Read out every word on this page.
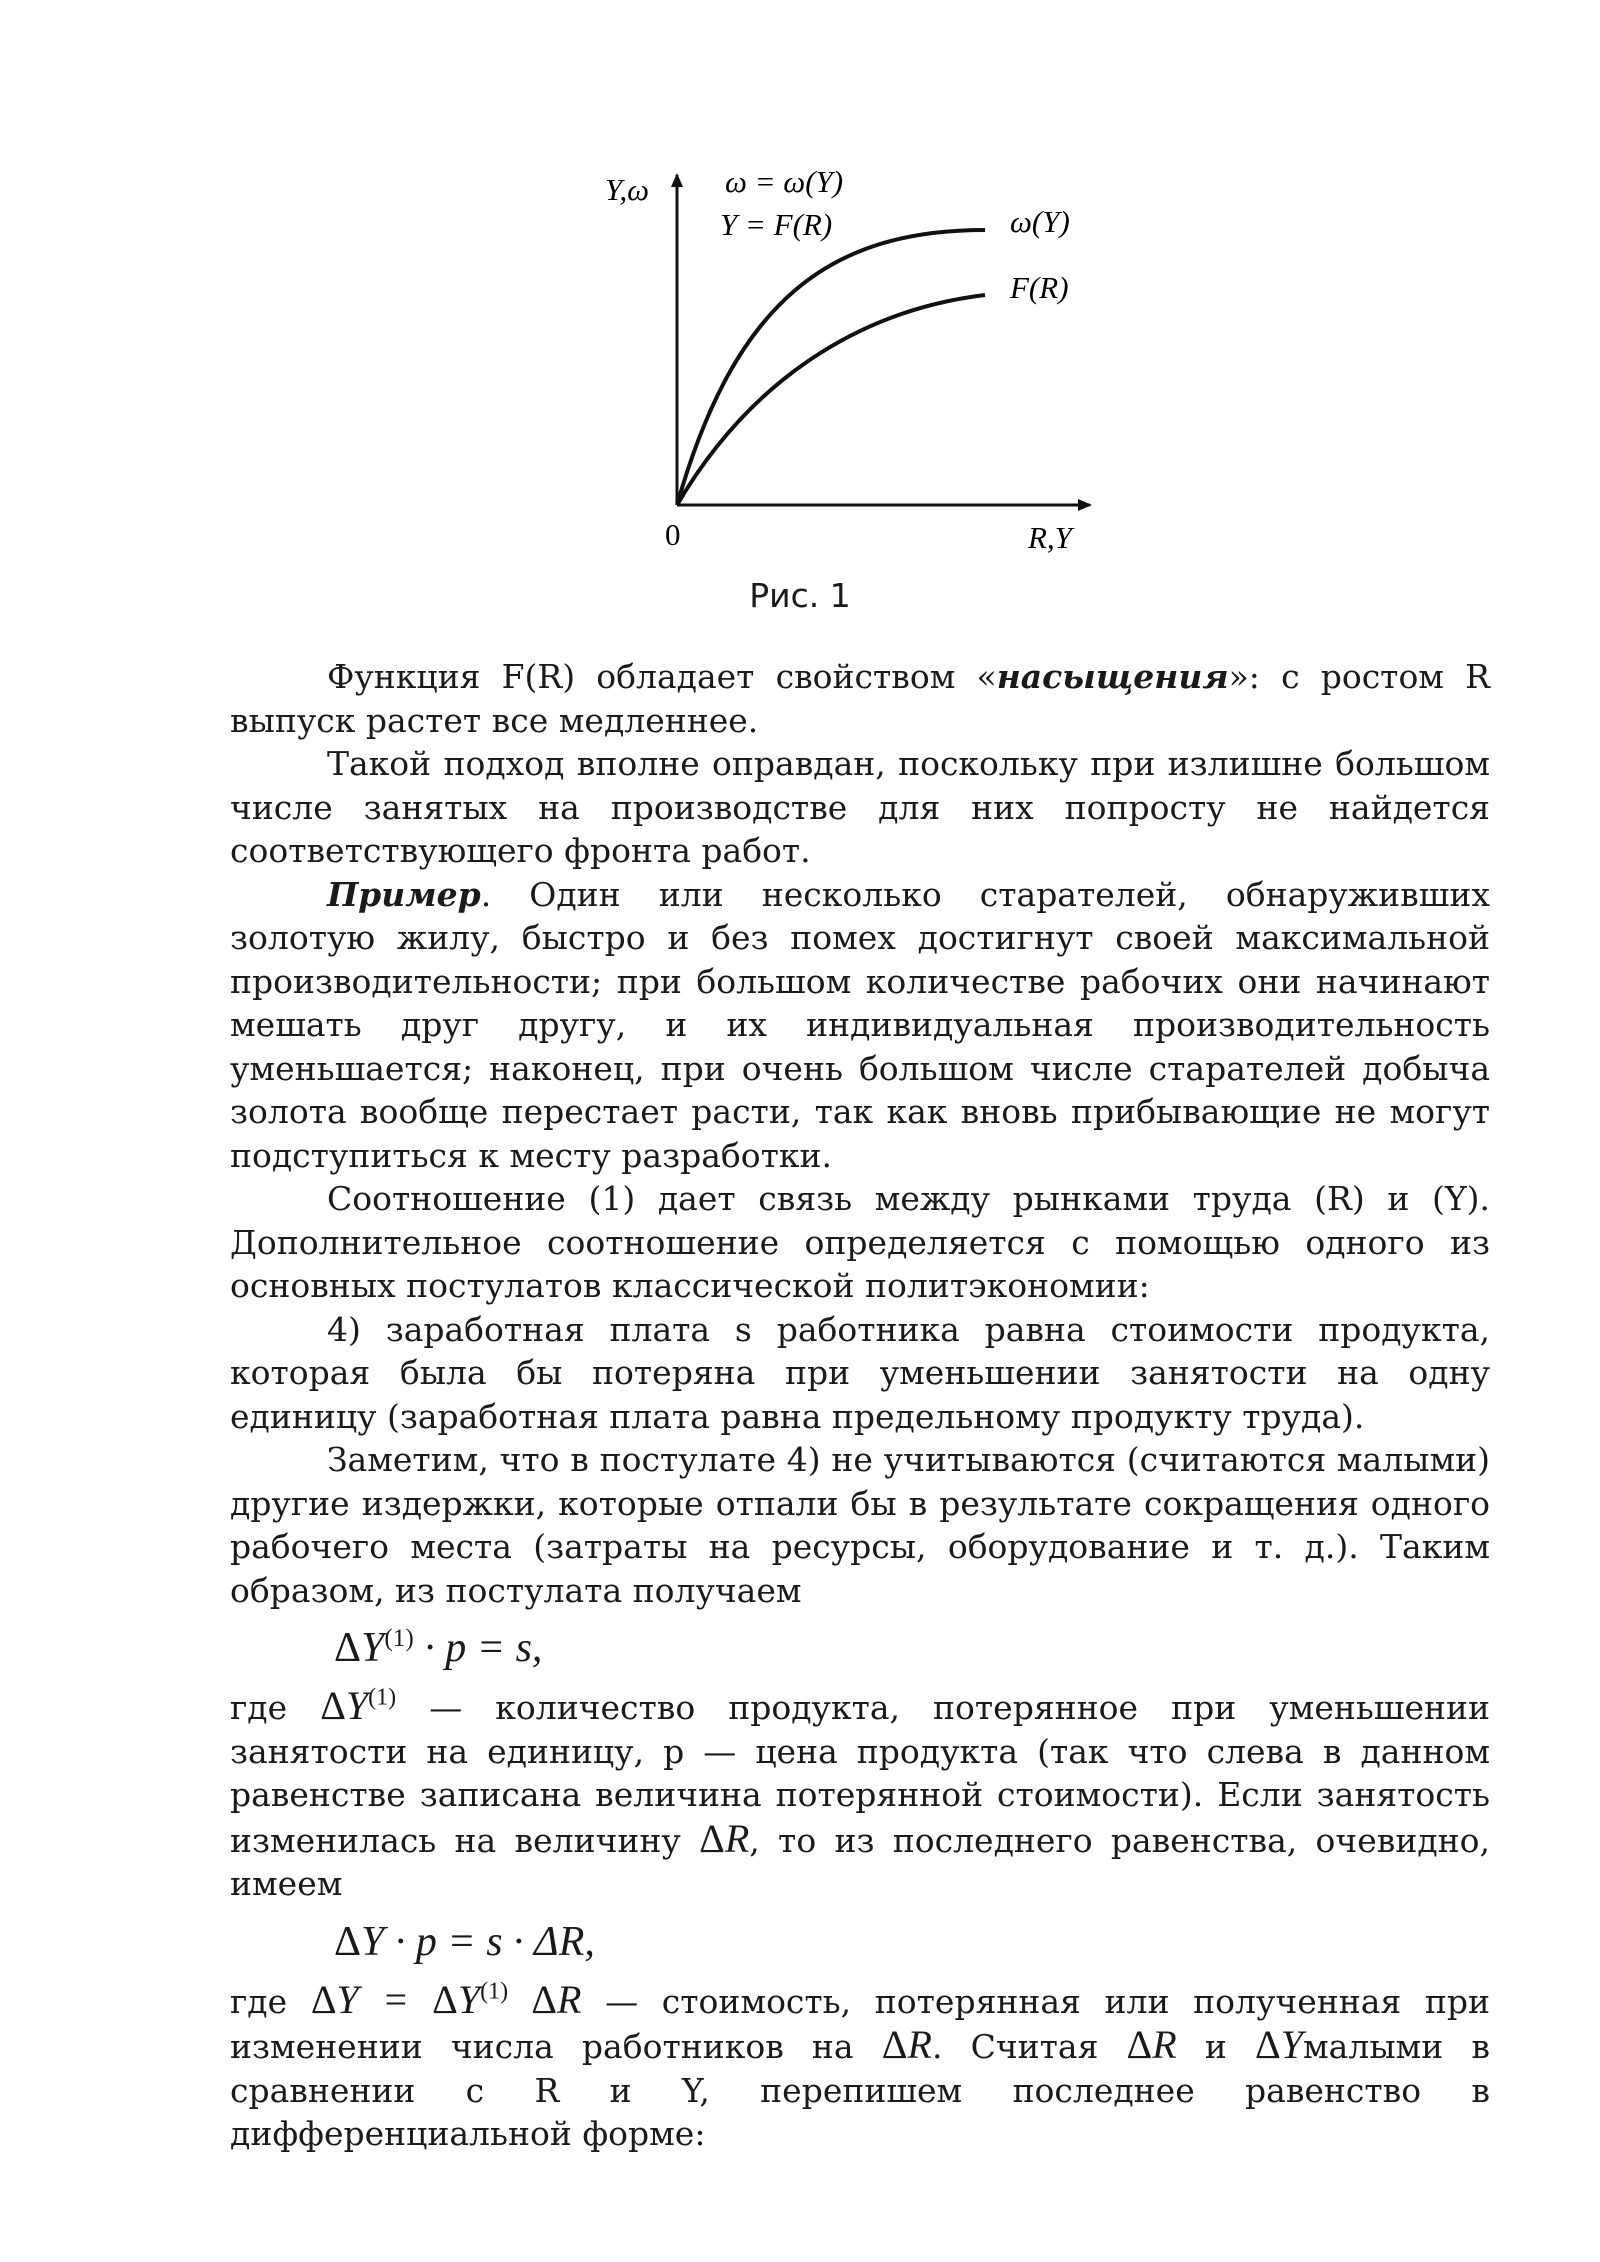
Y,ω ω = ω(Y)
Y = F(R)	ω(Y)
F(R)
0	R,Y
Рис. 1

Функция F(R) обладает свойством «насыщения»: с ростом R выпуск растет все медленнее.

Такой подход вполне оправдан, поскольку при излишне большом числе занятых на производстве для них попросту не найдется соответствующего фронта работ.

Пример. Один или несколько старателей, обнаруживших золотую жилу, быстро и без помех достигнут своей максимальной производительности; при большом количестве рабочих они начинают мешать друг другу, и их индивидуальная производительность уменьшается; наконец, при очень большом числе старателей добыча золота вообще перестает расти, так как вновь прибывающие не могут подступиться к месту разработки.

Соотношение (1) дает связь между рынками труда (R) и (Y). Дополнительное соотношение определяется с помощью одного из основных постулатов классической политэкономии:

4) заработная плата s работника равна стоимости продукта, которая была бы потеряна при уменьшении занятости на одну единицу (заработная плата равна предельному продукту труда).

Заметим, что в постулате 4) не учитываются (считаются малыми) другие издержки, которые отпали бы в результате сокращения одного рабочего места (затраты на ресурсы, оборудование и т. д.). Таким образом, из постулата получаем

$\Delta Y^{(1)} \cdot p = s$,

где ΔY$^{(1)}$ — количество продукта, потерянное при уменьшении занятости на единицу, p — цена продукта (так что слева в данном равенстве записана величина потерянной стоимости). Если занятость изменилась на величину ΔR, то из последнего равенства, очевидно, имеем

ΔY · p = s · ΔR,

где $\Delta Y = \Delta Y^{(1)}$ ΔR — стоимость, потерянная или полученная при изменении числа работников на ΔR. Считая ΔR и ΔYмалыми в сравнении с R и Y, перепишем последнее равенство в дифференциальной форме:
